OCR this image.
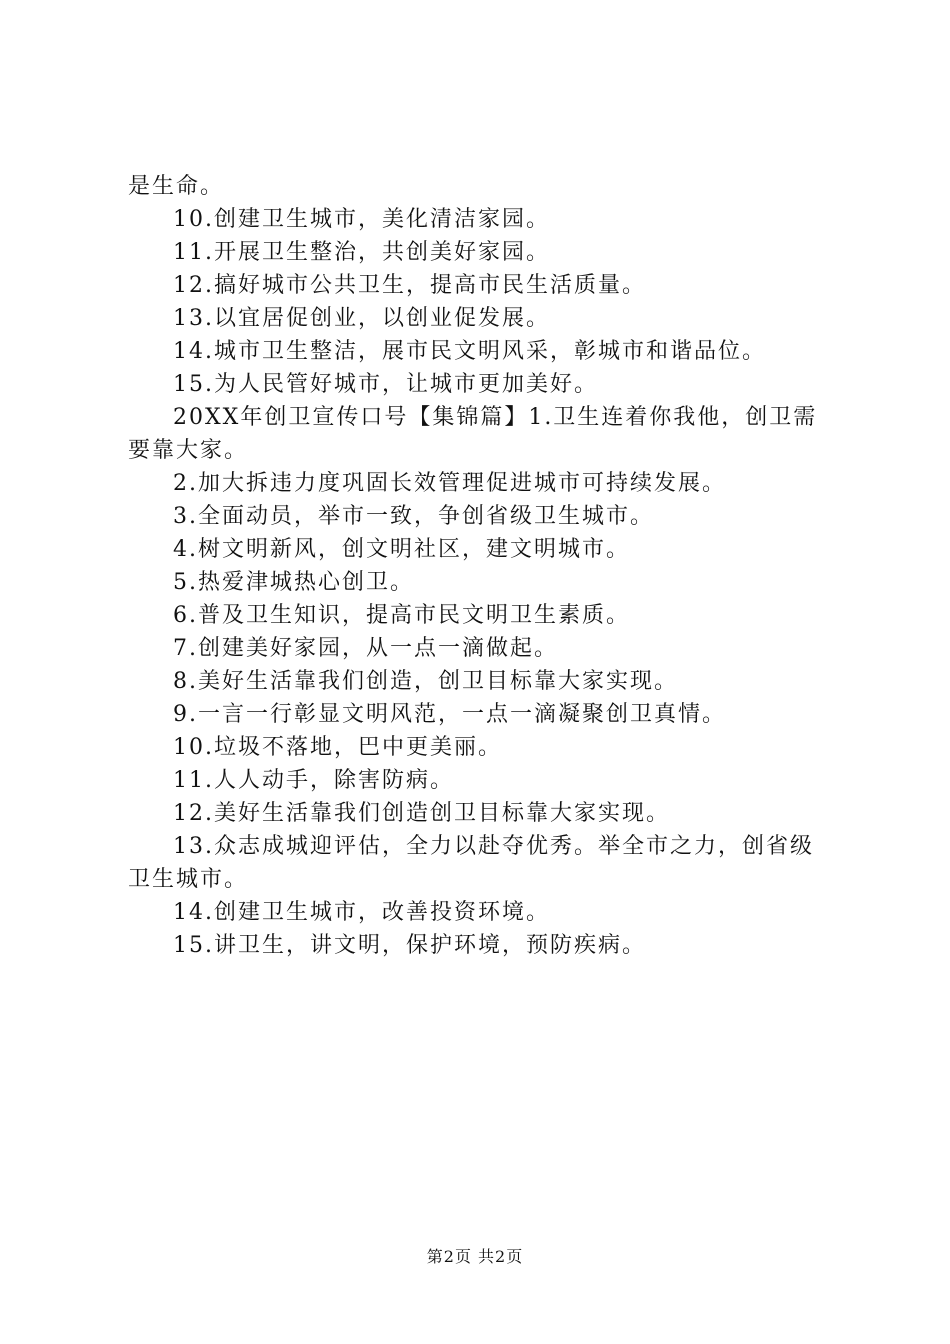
是生命。

10.创建卫生城市，美化清洁家园。

11.开展卫生整治，共创美好家园。

12.搞好城市公共卫生，提高市民生活质量。

13.以宜居促创业，以创业促发展。

14.城市卫生整洁，展市民文明风采，彰城市和谐品位。

15.为人民管好城市，让城市更加美好。

20XX年创卫宣传口号【集锦篇】1.卫生连着你我他，创卫需要靠大家。

2.加大拆违力度巩固长效管理促进城市可持续发展。

3.全面动员，举市一致，争创省级卫生城市。

4.树文明新风，创文明社区，建文明城市。

5.热爱津城热心创卫。

6.普及卫生知识，提高市民文明卫生素质。

7.创建美好家园，从一点一滴做起。

8.美好生活靠我们创造，创卫目标靠大家实现。

9.一言一行彰显文明风范，一点一滴凝聚创卫真情。

10.垃圾不落地，巴中更美丽。

11.人人动手，除害防病。

12.美好生活靠我们创造创卫目标靠大家实现。

13.众志成城迎评估，全力以赴夺优秀。举全市之力，创省级卫生城市。

14.创建卫生城市，改善投资环境。

15.讲卫生，讲文明，保护环境，预防疾病。

第2页 共2页
